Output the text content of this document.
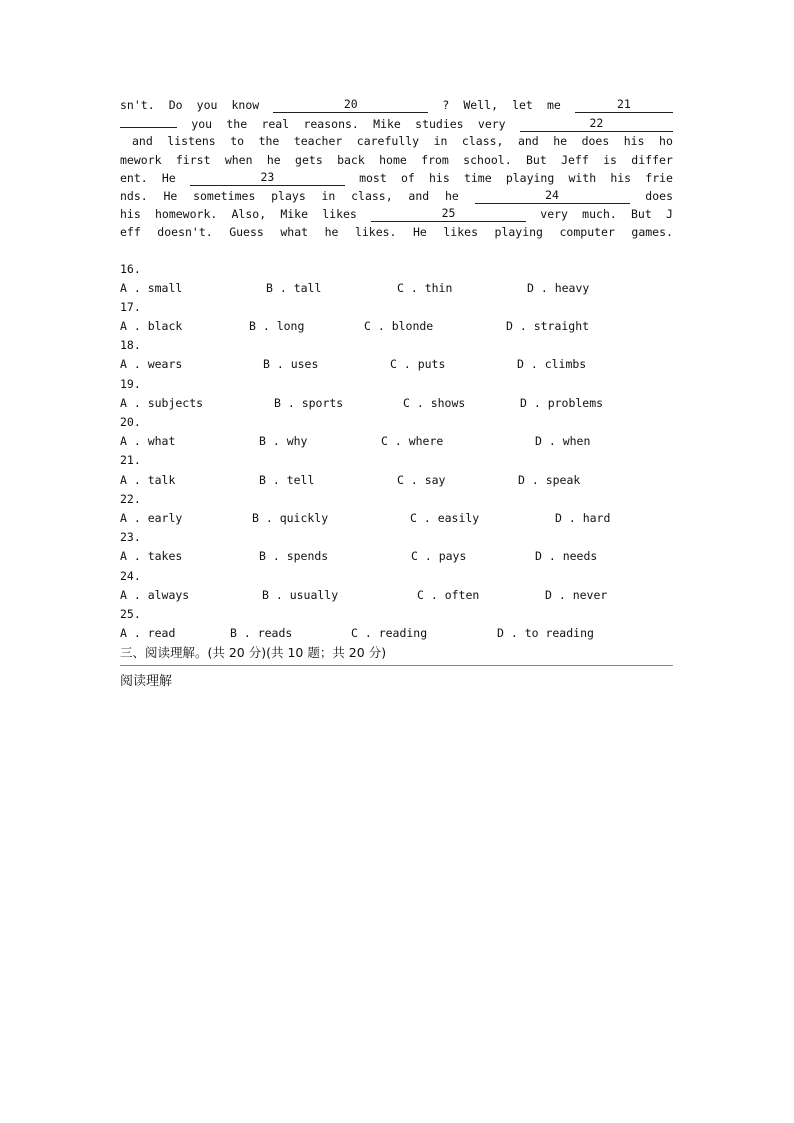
sn't. Do you know	20	? Well, let me	21
you the real reasons. Mike studies very	22
and listens to the teacher carefully in class, and he does his ho
mework first when he gets back home from school. But Jeff is differ
ent. He	23	most of his time playing with his frie
nds. He sometimes plays in class, and he	24	does
his homework. Also, Mike likes	25	very much. But J
eff doesn't. Guess what he likes. He likes playing computer games.
16.
A . small	B . tall	C . thin	D . heavy
17.
A . black	B . long	C . blonde	D . straight
18.
A . wears	B . uses	C . puts	D . climbs
19.
A . subjects	B . sports	C . shows	D . problems
20.
A . what	B . why	C . where	D . when
21.
A . talk	B . tell	C . say	D . speak
22.
A . early	B . quickly	C . easily	D . hard
23.
A . takes	B . spends	C . pays	D . needs
24.
A . always	B . usually	C . often	D . never
25.
A . read	B . reads	C . reading	D . to reading
三、阅读理解。(共 20 分)(共 10 题；共 20 分)
阅读理解
